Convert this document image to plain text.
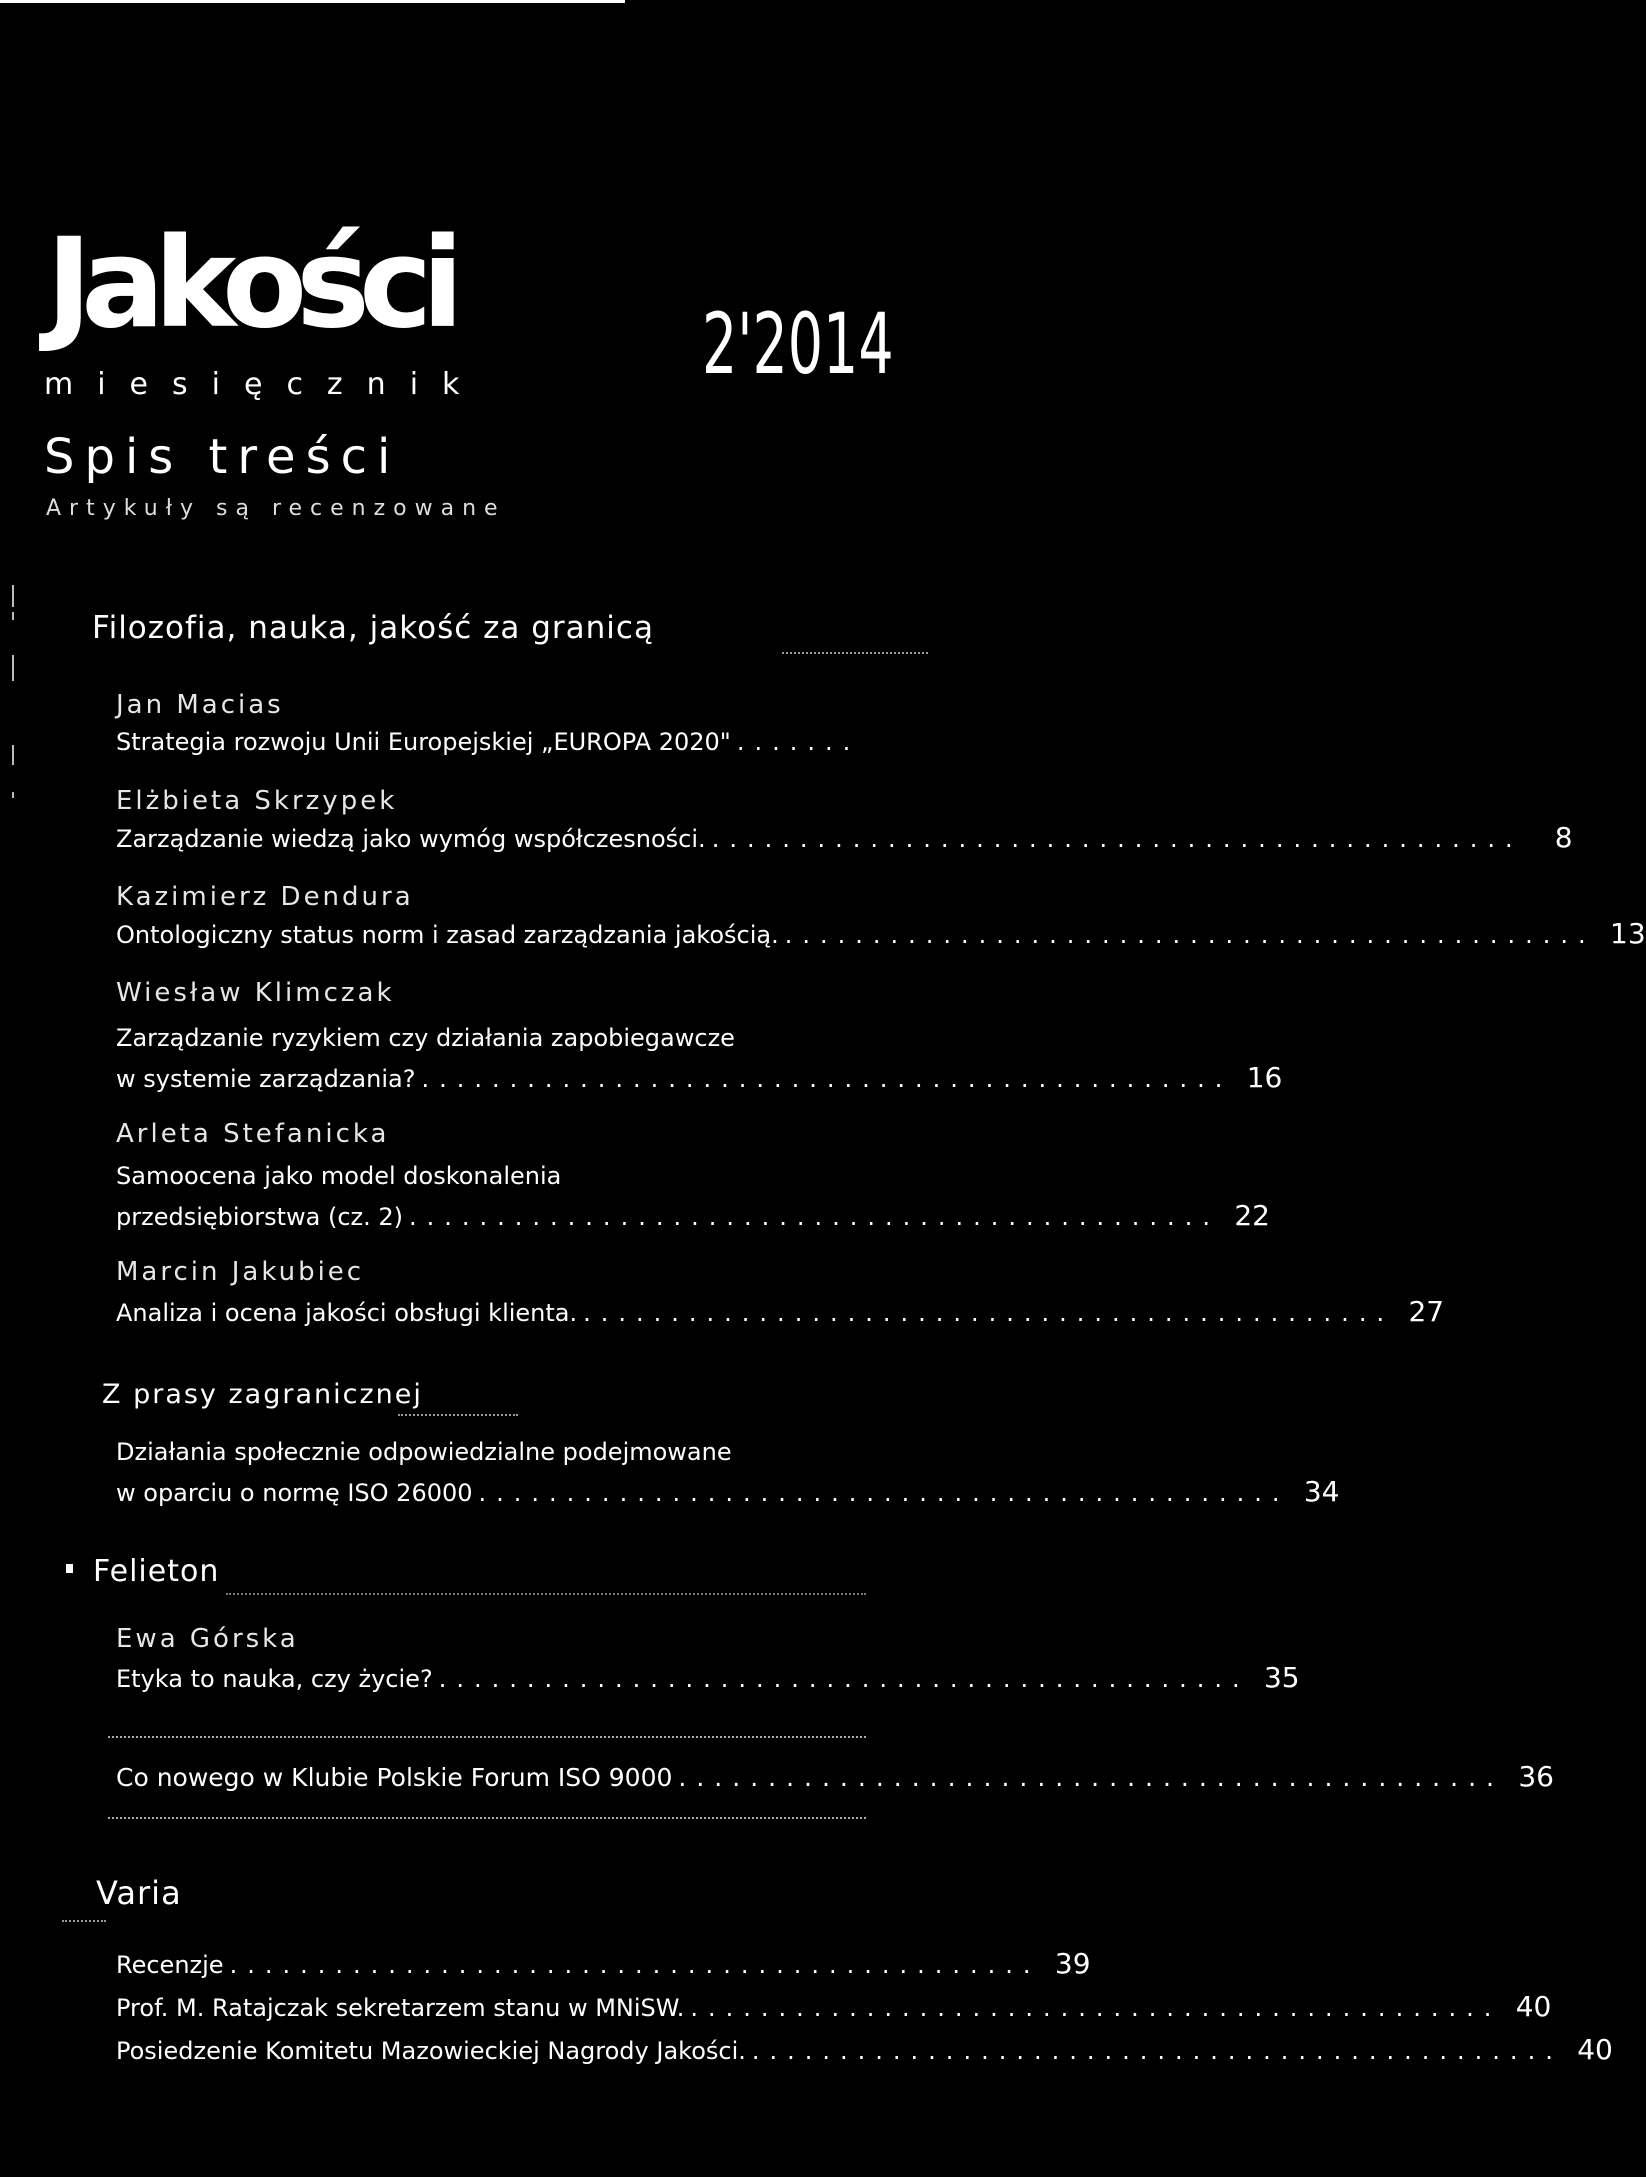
Jakości	2'2014
miesięcznik
Spis treści
Artykuły są recenzowane
Filozofia, nauka, jakość za granicą
Jan Macias
Strategia rozwoju Unii Europejskiej „EUROPA 2020" .......
Elżbieta Skrzypek
Zarządzanie wiedzą jako wymóg współczesności. ..............................................	8
Kazimierz Dendura
Ontologiczny status norm i zasad zarządzania jakością. .............................................. 13
Wiesław Klimczak
Zarządzanie ryzykiem czy działania zapobiegawcze
w systemie zarządzania? .............................................. 16
Arleta Stefanicka
Samoocena jako model doskonalenia
przedsiębiorstwa (cz. 2) .............................................. 22
Marcin Jakubiec
Analiza i ocena jakości obsługi klienta. .............................................. 27
Z prasy zagranicznej
Działania społecznie odpowiedzialne podejmowane
w oparciu o normę ISO 26000 .............................................. 34
Felieton
Ewa Górska
Etyka to nauka, czy życie? .............................................. 35
Co nowego w Klubie Polskie Forum ISO 9000 .............................................. 36
Varia
Recenzje .............................................. 39
Prof. M. Ratajczak sekretarzem stanu w MNiSW. .............................................. 40
Posiedzenie Komitetu Mazowieckiej Nagrody Jakości. .............................................. 40
